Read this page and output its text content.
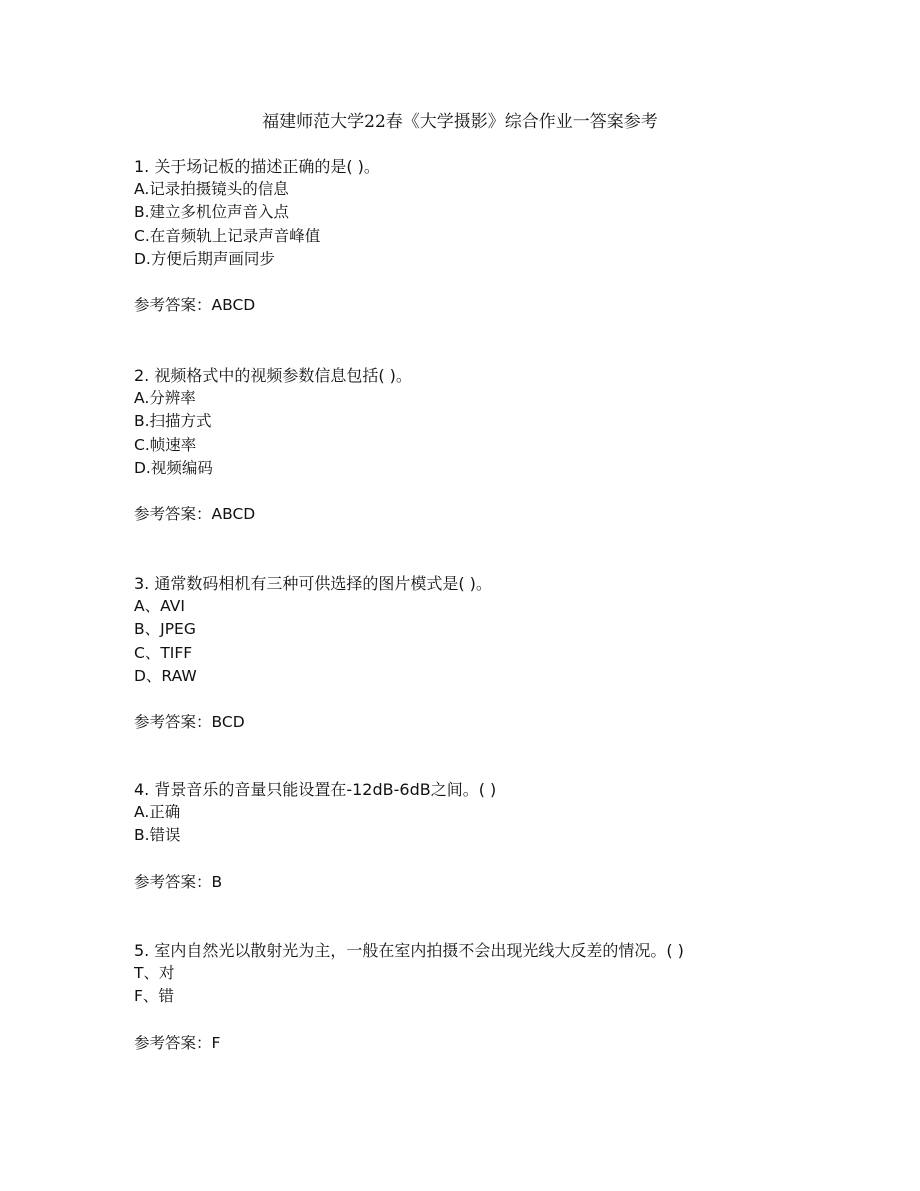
福建师范大学22春《大学摄影》综合作业一答案参考

1. 关于场记板的描述正确的是( )。

A.记录拍摄镜头的信息

B.建立多机位声音入点

C.在音频轨上记录声音峰值

D.方便后期声画同步

参考答案：ABCD

2. 视频格式中的视频参数信息包括( )。

A.分辨率

B.扫描方式

C.帧速率

D.视频编码

参考答案：ABCD

3. 通常数码相机有三种可供选择的图片模式是( )。

A、AVI

B、JPEG

C、TIFF

D、RAW

参考答案：BCD

4. 背景音乐的音量只能设置在-12dB-6dB之间。( )

A.正确

B.错误

参考答案：B

5. 室内自然光以散射光为主，一般在室内拍摄不会出现光线大反差的情况。( )

T、对

F、错

参考答案：F
